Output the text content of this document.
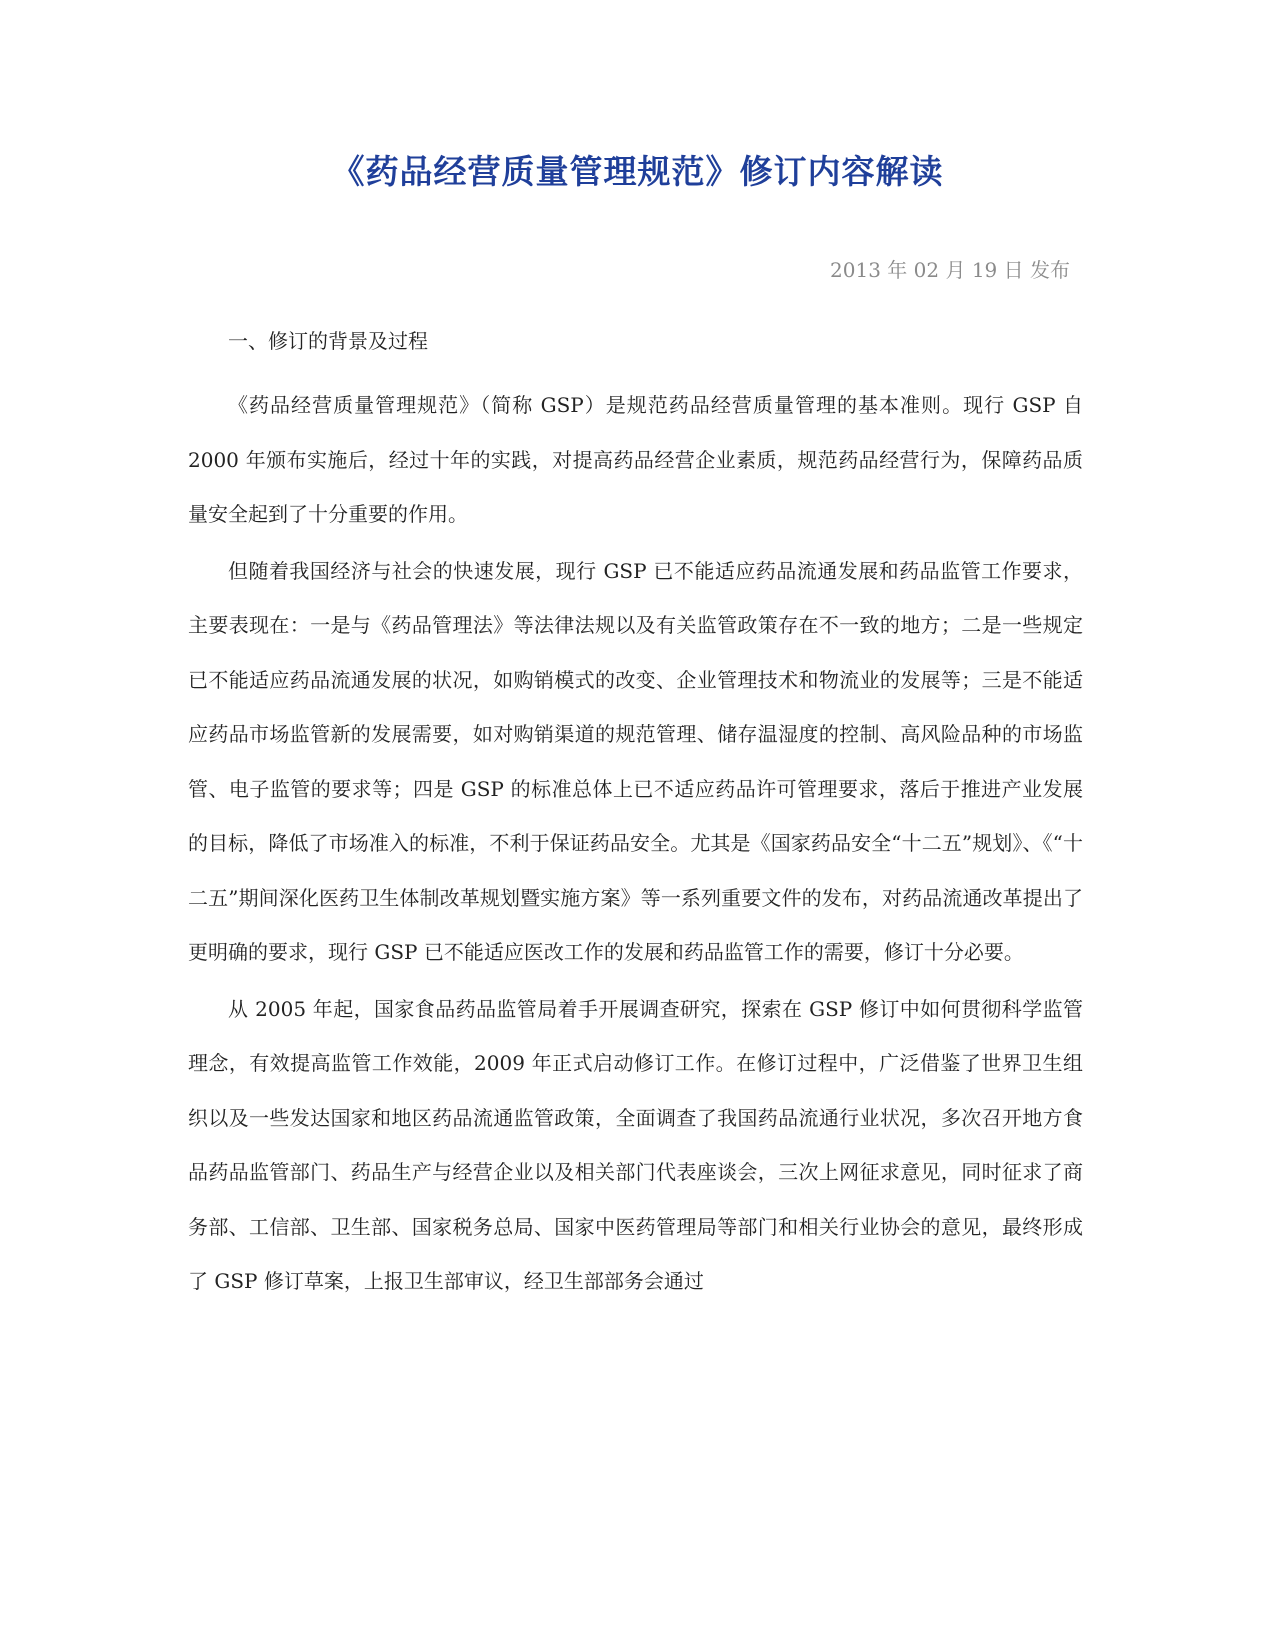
《药品经营质量管理规范》修订内容解读
2013 年 02 月 19 日 发布

一、修订的背景及过程

《药品经营质量管理规范》（简称 GSP）是规范药品经营质量管理的基本准则。现行 GSP 自 2000 年颁布实施后，经过十年的实践，对提高药品经营企业素质，规范药品经营行为，保障药品质量安全起到了十分重要的作用。

但随着我国经济与社会的快速发展，现行 GSP 已不能适应药品流通发展和药品监管工作要求，主要表现在：一是与《药品管理法》等法律法规以及有关监管政策存在不一致的地方；二是一些规定已不能适应药品流通发展的状况，如购销模式的改变、企业管理技术和物流业的发展等；三是不能适应药品市场监管新的发展需要，如对购销渠道的规范管理、储存温湿度的控制、高风险品种的市场监管、电子监管的要求等；四是 GSP 的标准总体上已不适应药品许可管理要求，落后于推进产业发展的目标，降低了市场准入的标准，不利于保证药品安全。尤其是《国家药品安全“十二五”规划》、《“十二五”期间深化医药卫生体制改革规划暨实施方案》等一系列重要文件的发布，对药品流通改革提出了更明确的要求，现行 GSP 已不能适应医改工作的发展和药品监管工作的需要，修订十分必要。

从 2005 年起，国家食品药品监管局着手开展调查研究，探索在 GSP 修订中如何贯彻科学监管理念，有效提高监管工作效能，2009 年正式启动修订工作。在修订过程中，广泛借鉴了世界卫生组织以及一些发达国家和地区药品流通监管政策，全面调查了我国药品流通行业状况，多次召开地方食品药品监管部门、药品生产与经营企业以及相关部门代表座谈会，三次上网征求意见，同时征求了商务部、工信部、卫生部、国家税务总局、国家中医药管理局等部门和相关行业协会的意见，最终形成了 GSP 修订草案，上报卫生部审议，经卫生部部务会通过
